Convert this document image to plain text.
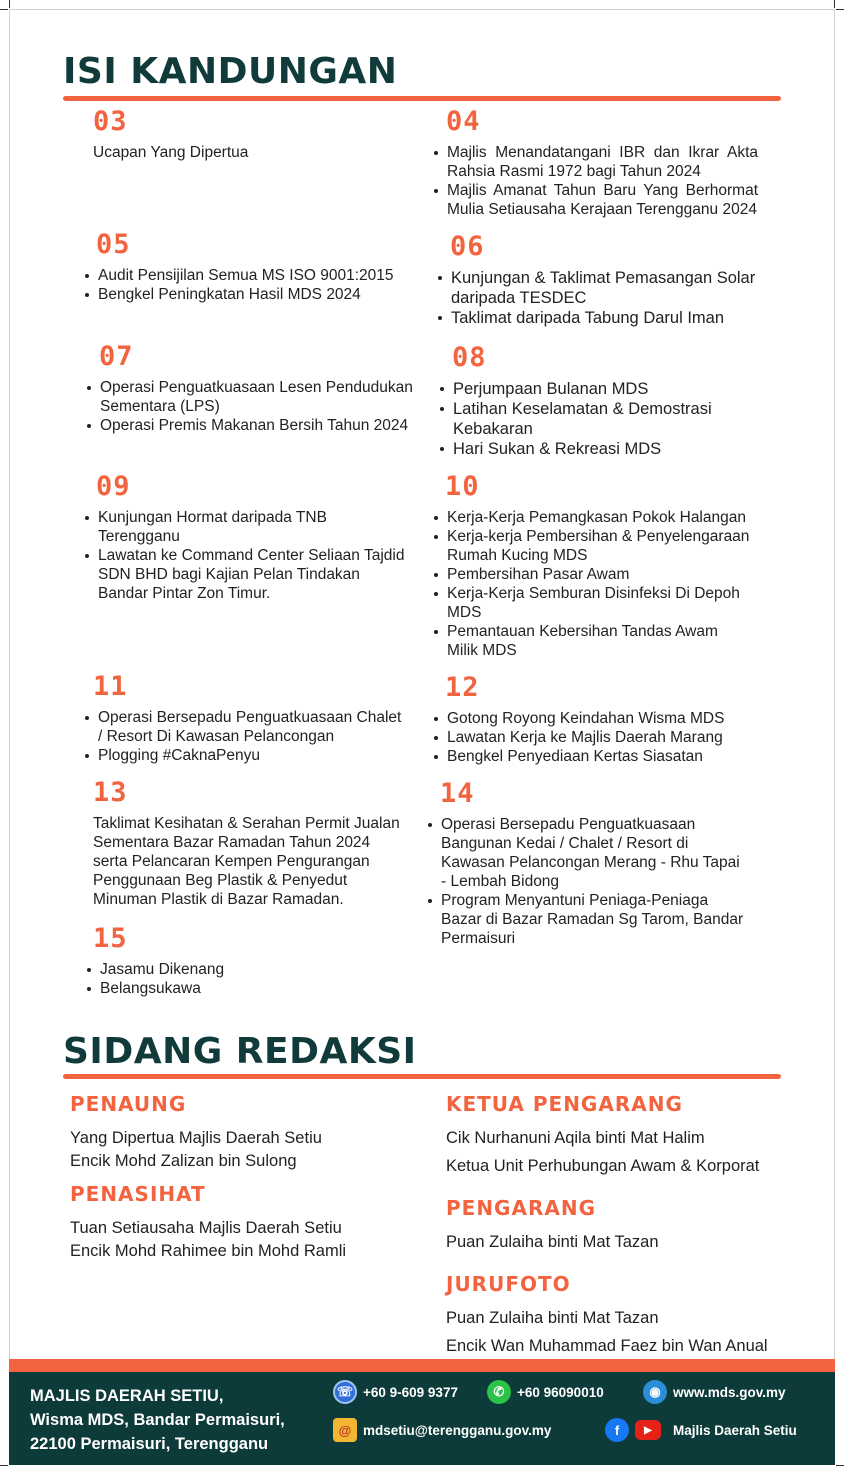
ISI KANDUNGAN
03

Ucapan Yang Dipertua

04
Majlis Menandatangani IBR dan Ikrar Akta Rahsia Rasmi 1972 bagi Tahun 2024
Majlis Amanat Tahun Baru Yang Berhormat Mulia Setiausaha Kerajaan Terengganu 2024
05
Audit Pensijilan Semua MS ISO 9001:2015
Bengkel Peningkatan Hasil MDS 2024
06
Kunjungan & Taklimat Pemasangan Solar daripada TESDEC
Taklimat daripada Tabung Darul Iman
07
Operasi Penguatkuasaan Lesen Pendudukan Sementara (LPS)
Operasi Premis Makanan Bersih Tahun 2024
08
Perjumpaan Bulanan MDS
Latihan Keselamatan & Demostrasi Kebakaran
Hari Sukan & Rekreasi MDS
09
Kunjungan Hormat daripada TNB Terengganu
Lawatan ke Command Center Seliaan Tajdid SDN BHD bagi Kajian Pelan Tindakan Bandar Pintar Zon Timur.
10
Kerja-Kerja Pemangkasan Pokok Halangan
Kerja-kerja Pembersihan & Penyelengaraan Rumah Kucing MDS
Pembersihan Pasar Awam
Kerja-Kerja Semburan Disinfeksi Di Depoh MDS
Pemantauan Kebersihan Tandas Awam Milik MDS
11
Operasi Bersepadu Penguatkuasaan Chalet / Resort Di Kawasan Pelancongan
Plogging #CaknaPenyu
12
Gotong Royong Keindahan Wisma MDS
Lawatan Kerja ke Majlis Daerah Marang
Bengkel Penyediaan Kertas Siasatan
13

Taklimat Kesihatan & Serahan Permit Jualan Sementara Bazar Ramadan Tahun 2024 serta Pelancaran Kempen Pengurangan Penggunaan Beg Plastik & Penyedut Minuman Plastik di Bazar Ramadan.

14
Operasi Bersepadu Penguatkuasaan Bangunan Kedai / Chalet / Resort di Kawasan Pelancongan Merang - Rhu Tapai - Lembah Bidong
Program Menyantuni Peniaga-Peniaga Bazar di Bazar Ramadan Sg Tarom, Bandar Permaisuri
15
Jasamu Dikenang
Belangsukawa
SIDANG REDAKSI
PENAUNG

Yang Dipertua Majlis Daerah Setiu

Encik Mohd Zalizan bin Sulong

PENASIHAT

Tuan Setiausaha Majlis Daerah Setiu

Encik Mohd Rahimee bin Mohd Ramli

KETUA PENGARANG

Cik Nurhanuni Aqila binti Mat Halim

Ketua Unit Perhubungan Awam & Korporat

PENGARANG

Puan Zulaiha binti Mat Tazan

JURUFOTO

Puan Zulaiha binti Mat Tazan

Encik Wan Muhammad Faez bin Wan Anual

MAJLIS DAERAH SETIU,
Wisma MDS, Bandar Permaisuri,
22100 Permaisuri, Terengganu
☏ +60 9-609 9377	✆ +60 96090010	◉ www.mds.gov.my
@ mdsetiu@terengganu.gov.my	f	▶	Majlis Daerah Setiu
